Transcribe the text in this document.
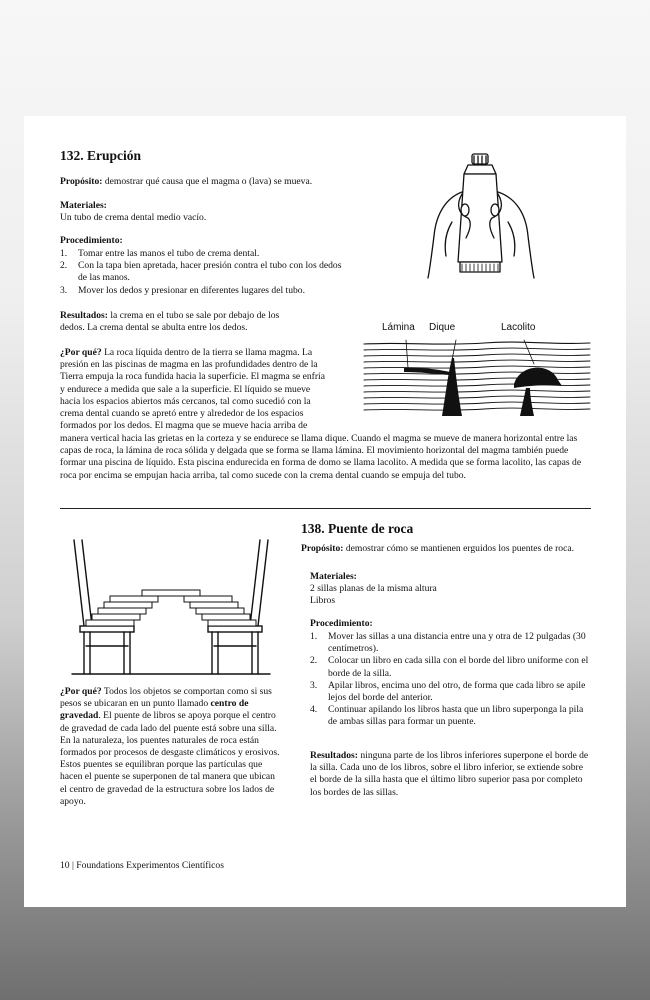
132. Erupción

Propósito: demostrar qué causa que el magma o (lava) se mueva.

Materiales:

Un tubo de crema dental medio vacío.

Procedimiento:

1. Tomar entre las manos el tubo de crema dental.
2. Con la tapa bien apretada, hacer presión contra el tubo con los dedos de las manos.
3. Mover los dedos y presionar en diferentes lugares del tubo.

Resultados: la crema en el tubo se sale por debajo de los dedos. La crema dental se abulta entre los dedos.

¿Por qué? La roca líquida dentro de la tierra se llama magma. La presión en las piscinas de magma en las profundidades dentro de la Tierra empuja la roca fundida hacia la superficie. El magma se enfría y endurece a medida que sale a la superficie. El líquido se mueve hacia los espacios abiertos más cercanos, tal como sucedió con la crema dental cuando se apretó entre y alrededor de los espacios formados por los dedos. El magma que se mueve hacia arriba de

manera vertical hacia las grietas en la corteza y se endurece se llama dique. Cuando el magma se mueve de manera horizontal entre las capas de roca, la lámina de roca sólida y delgada que se forma se llama lámina. El movimiento horizontal del magma también puede formar una piscina de líquido. Esta piscina endurecida en forma de domo se llama lacolito. A medida que se forma lacolito, las capas de roca por encima se empujan hacia arriba, tal como sucede con la crema dental cuando se empuja del tubo.

Lámina Dique	Lacolito
138. Puente de roca

Propósito: demostrar cómo se mantienen erguidos los puentes de roca.

Materiales:

2 sillas planas de la misma altura

Libros

Procedimiento:

1. Mover las sillas a una distancia entre una y otra de 12 pulgadas (30 centímetros).
2. Colocar un libro en cada silla con el borde del libro uniforme con el borde de la silla.
3. Apilar libros, encima uno del otro, de forma que cada libro se apile lejos del borde del anterior.
4. Continuar apilando los libros hasta que un libro superponga la pila de ambas sillas para formar un puente.

Resultados: ninguna parte de los libros inferiores superpone el borde de la silla. Cada uno de los libros, sobre el libro inferior, se extiende sobre el borde de la silla hasta que el último libro superior pasa por completo los bordes de las sillas.

¿Por qué? Todos los objetos se comportan como si sus pesos se ubicaran en un punto llamado centro de gravedad. El puente de libros se apoya porque el centro de gravedad de cada lado del puente está sobre una silla. En la naturaleza, los puentes naturales de roca están formados por procesos de desgaste climáticos y erosivos. Estos puentes se equilibran porque las partículas que hacen el puente se superponen de tal manera que ubican el centro de gravedad de la estructura sobre los lados de apoyo.

10 | Foundations Experimentos Científicos
